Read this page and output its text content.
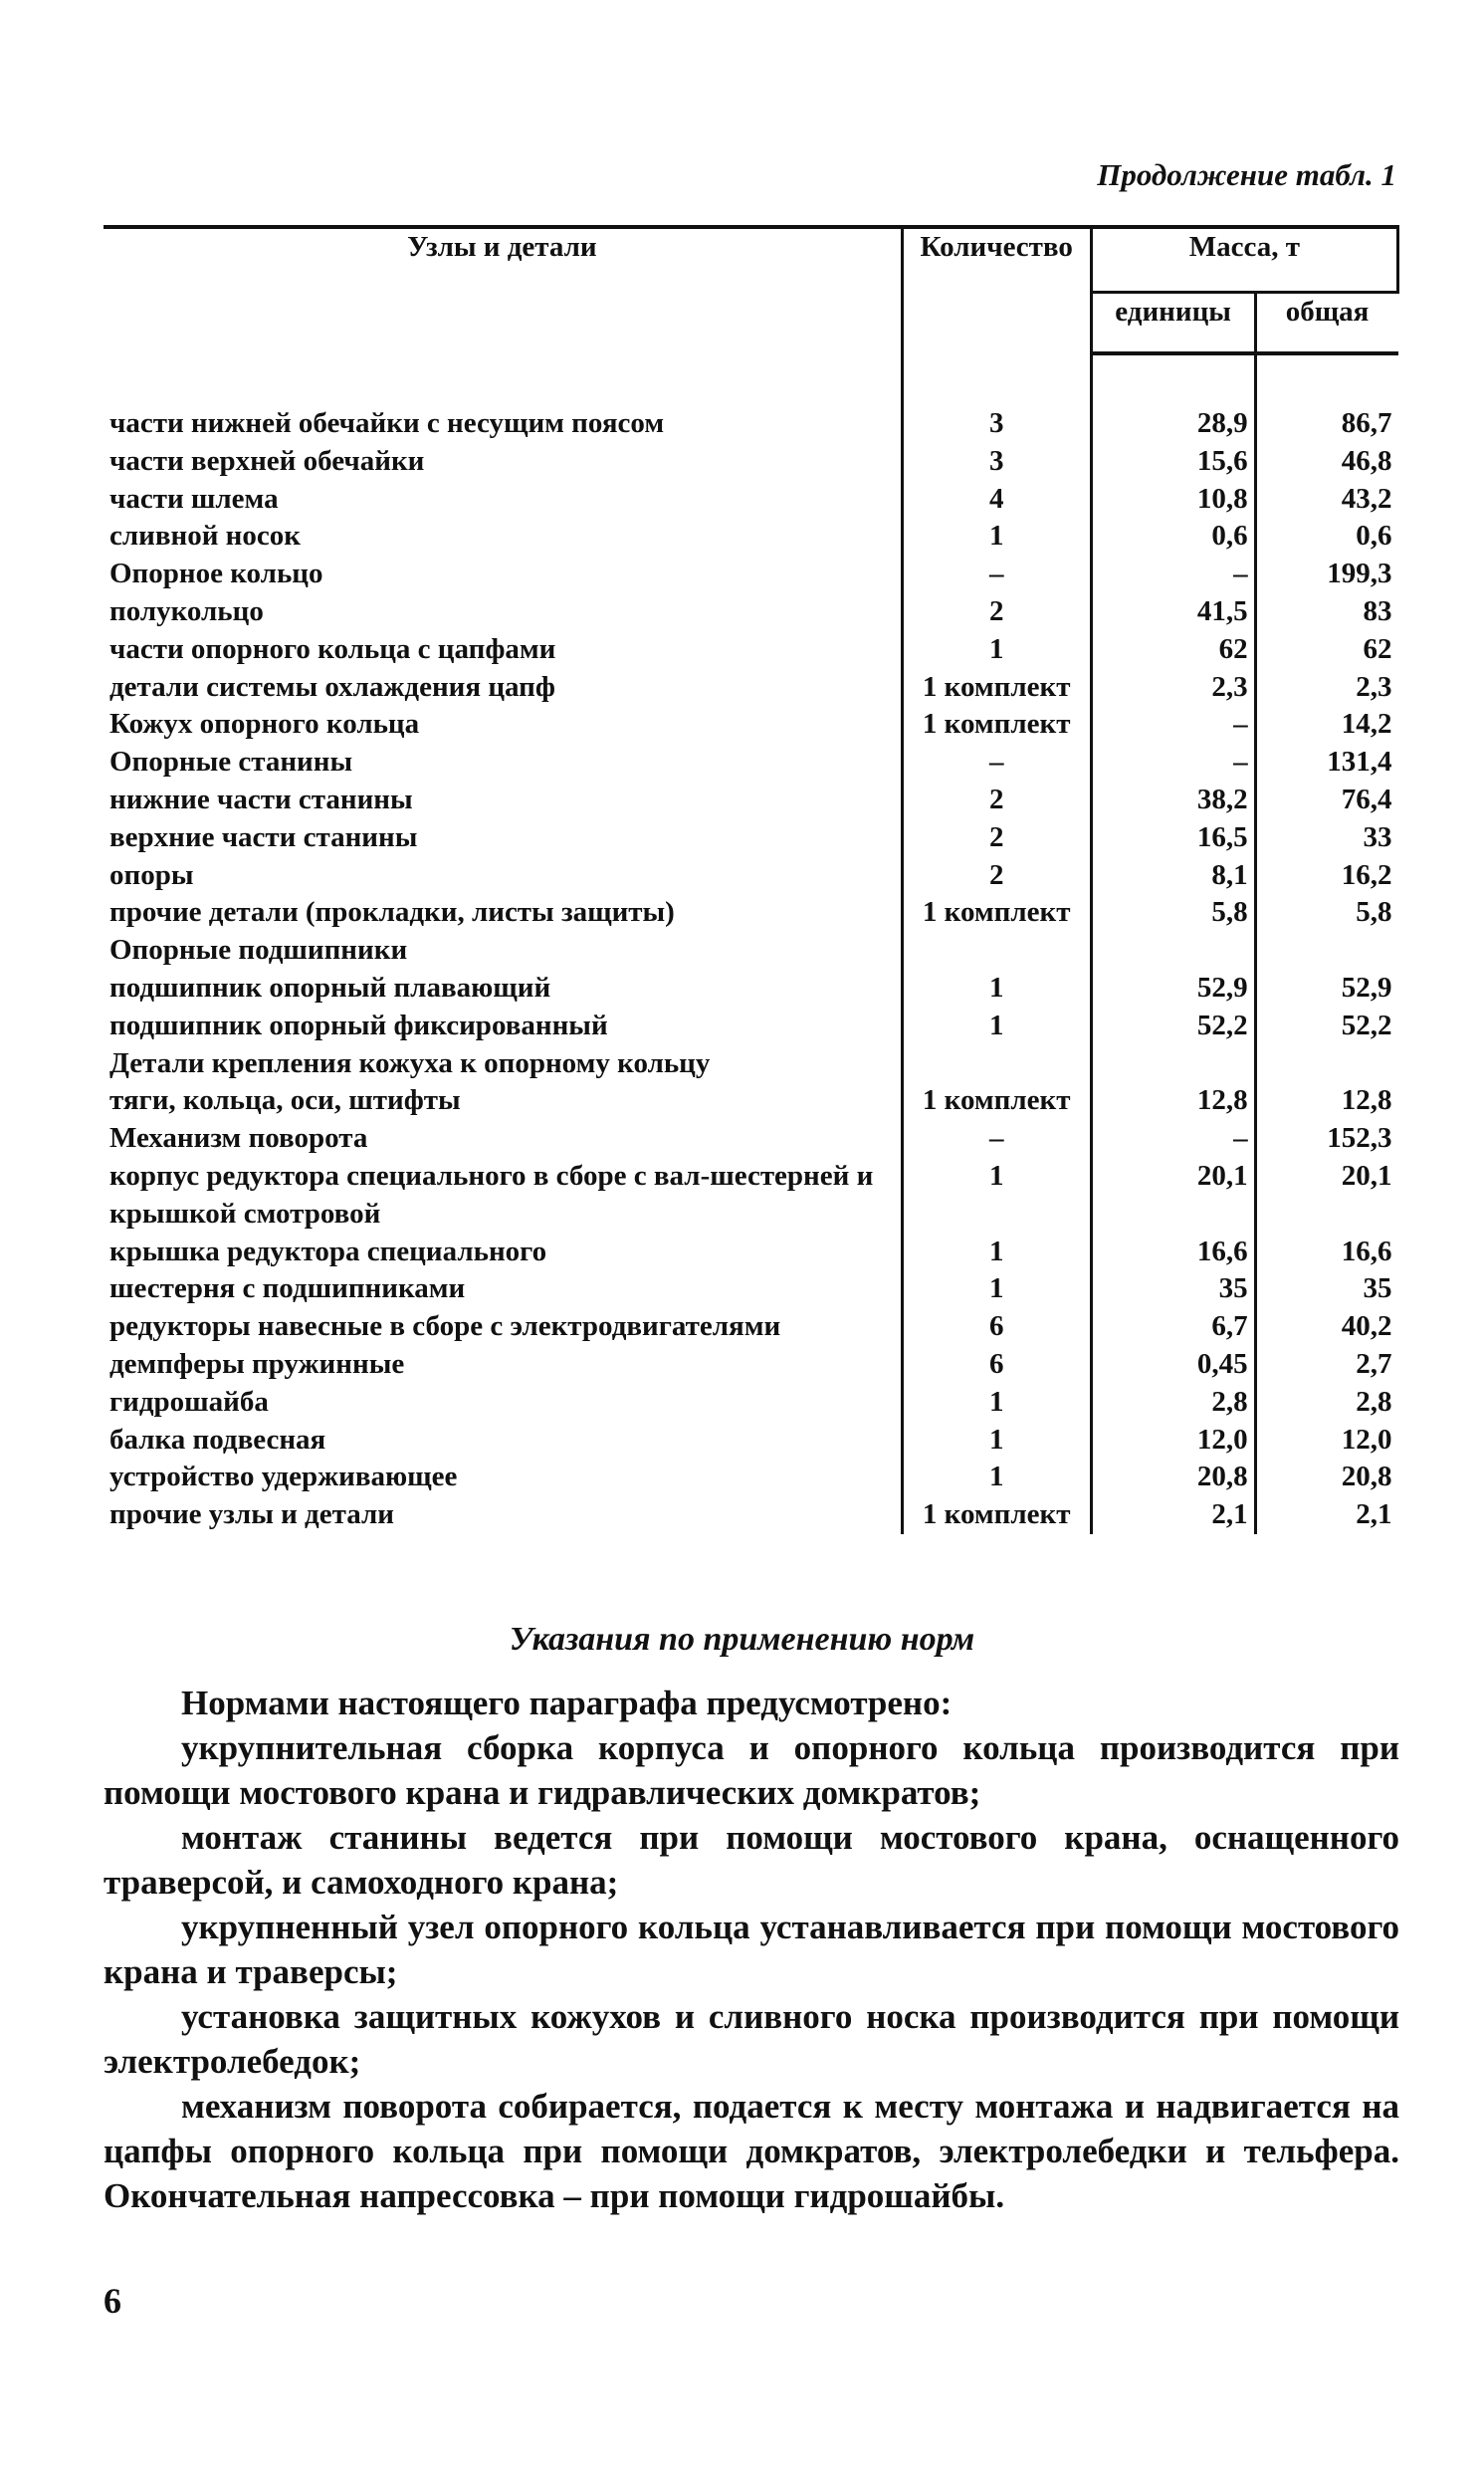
Продолжение табл. 1
Узлы и детали	Количество	Масса, т	
		единицы	общая

части нижней обечайки с несущим поясом	3	28,9	86,7
части верхней обечайки	3	15,6	46,8
части шлема	4	10,8	43,2
сливной носок	1	0,6	0,6
Опорное кольцо	–	–	199,3
полукольцо	2	41,5	83
части опорного кольца с цапфами	1	62	62
детали системы охлаждения цапф	1 комплект	2,3	2,3
Кожух опорного кольца	1 комплект	–	14,2
Опорные станины	–	–	131,4
нижние части станины	2	38,2	76,4
верхние части станины	2	16,5	33
опоры	2	8,1	16,2
прочие детали (прокладки, листы защиты)	1 комплект	5,8	5,8
Опорные подшипники			
подшипник опорный плавающий	1	52,9	52,9
подшипник опорный фиксированный	1	52,2	52,2
Детали крепления кожуха к опорному кольцу			
тяги, кольца, оси, штифты	1 комплект	12,8	12,8
Механизм поворота	–	–	152,3
корпус редуктора специального в сборе с вал-шестерней и крышкой смотровой	1	20,1	20,1
крышка редуктора специального	1	16,6	16,6
шестерня с подшипниками	1	35	35
редукторы навесные в сборе с электродвигателями	6	6,7	40,2
демпферы пружинные	6	0,45	2,7
гидрошайба	1	2,8	2,8
балка подвесная	1	12,0	12,0
устройство удерживающее	1	20,8	20,8
прочие узлы и детали	1 комплект	2,1	2,1
Указания по применению норм

Нормами настоящего параграфа предусмотрено:

укрупнительная сборка корпуса и опорного кольца производится при помощи мостового крана и гидравлических домкратов;

монтаж станины ведется при помощи мостового крана, оснащенного траверсой, и самоходного крана;

укрупненный узел опорного кольца устанавливается при помощи мостового крана и траверсы;

установка защитных кожухов и сливного носка производится при помощи электролебедок;

механизм поворота собирается, подается к месту монтажа и надвигается на цапфы опорного кольца при помощи домкратов, электролебедки и тельфера. Окончательная напрессовка – при помощи гидрошайбы.

6
